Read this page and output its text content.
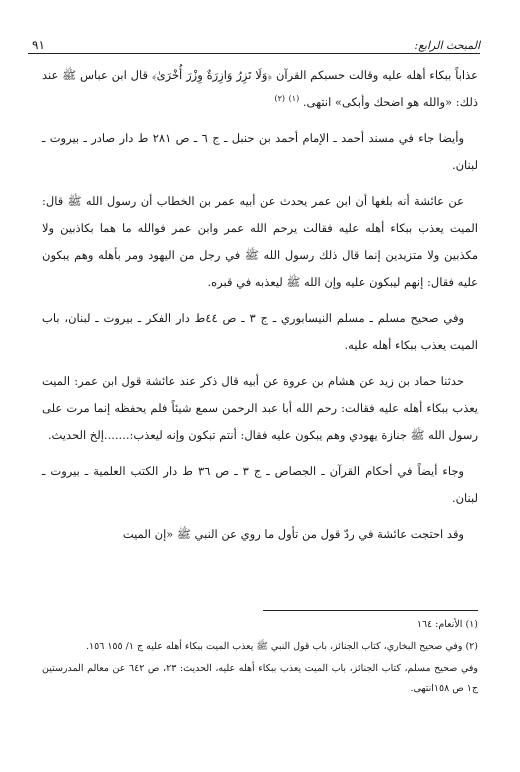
٩١	المبحث الرابع:

عذاباً ببكاء أهله عليه وقالت حسبكم القرآن ﴿وَلَا تَزِرُ وَازِرَةٌ وِزْرَ أُخْرَىٰ﴾ قال ابن عباس ﷺ عند ذلك: «والله هو اضحك وأبكى» انتهى. $^{(١)}$ $^{(٢)}$

وأيضا جاء في مسند أحمد ـ الإمام أحمد بن حنبل ـ ج ٦ ـ ص ٢٨١ ط دار صادر ـ بيروت ـ لبنان.

عن عائشة أنه بلغها أن ابن عمر يحدث عن أبيه عمر بن الخطاب أن رسول الله ﷺ قال: الميت يعذب ببكاء أهله عليه فقالت يرحم الله عمر وابن عمر فوالله ما هما بكاذبين ولا مكذبين ولا متزيدين إنما قال ذلك رسول الله ﷺ في رجل من اليهود ومر بأهله وهم يبكون عليه فقال: إنهم ليبكون عليه وإن الله ﷺ ليعذبه في قبره.

وفي صحيح مسلم ـ مسلم النيسابوري ـ ج ٣ ـ ص ٤٤ط دار الفكر ـ بيروت ـ لبنان، باب الميت يعذب ببكاء أهله عليه.

حدثنا حماد بن زيد عن هشام بن عروة عن أبيه قال ذكر عند عائشة قول ابن عمر: الميت يعذب ببكاء أهله عليه فقالت: رحم الله أبا عبد الرحمن سمع شيئاً فلم يحفظه إنما مرت على رسول الله ﷺ جنازة يهودي وهم يبكون عليه فقال: أنتم تبكون وإنه ليعذب:.......إلخ الحديث.

وجاء أيضاً في أحكام القرآن ـ الجصاص ـ ج ٣ ـ ص ٣٦ ط دار الكتب العلمية ـ بيروت ـ لبنان.

وقد احتجت عائشة في ردّ قول من تأول ما روي عن النبي ﷺ «إن الميت

(١) الأنعام: ١٦٤
(٢) وفي صحيح البخاري، كتاب الجنائز، باب قول النبي ﷺ يعذب الميت ببكاء أهله عليه ج ١/ ١٥٥ ١٥٦.
وفي صحيح مسلم، كتاب الجنائز، باب الميت يعذب ببكاء أهله عليه، الحديث: ٢٣، ص ٦٤٢ عن معالم المدرستين ج١ ص ١٥٨انتهى.
